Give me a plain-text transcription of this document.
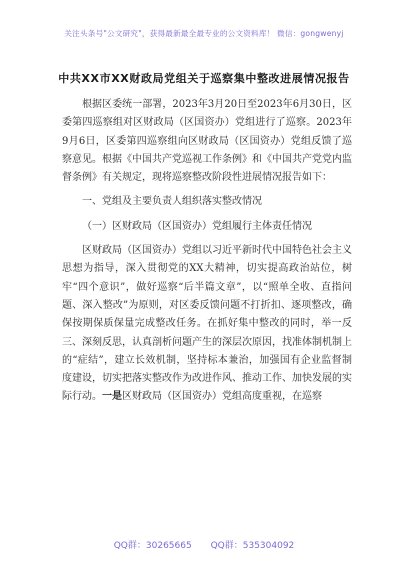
关注头条号"公文研究"，获得最新最全最专业的公文资料库！ 微信：gongwenyj
中共XX市XX财政局党组关于巡察集中整改进展情况报告

根据区委统一部署，2023年3月20日至2023年6月30日，区委第四巡察组对区财政局（区国资办）党组进行了巡察。2023年9月6日，区委第四巡察组向区财政局（区国资办）党组反馈了巡察意见。根据《中国共产党巡视工作条例》和《中国共产党党内监督条例》有关规定，现将巡察整改阶段性进展情况报告如下：

一、党组及主要负责人组织落实整改情况

（一）区财政局（区国资办）党组履行主体责任情况

区财政局（区国资办）党组以习近平新时代中国特色社会主义思想为指导，深入贯彻党的XX大精神，切实提高政治站位，树牢“四个意识”，做好巡察“后半篇文章”，以“照单全收、直指问题、深入整改”为原则，对区委反馈问题不打折扣、逐项整改，确保按期保质保量完成整改任务。在抓好集中整改的同时，举一反三、深刻反思，认真剖析问题产生的深层次原因，找准体制机制上的“症结”，建立长效机制，坚持标本兼治，加强国有企业监督制度建设，切实把落实整改作为改进作风、推动工作、加快发展的实际行动。一是区财政局（区国资办）党组高度重视，在巡察

QQ群：30265665 QQ群：535304092
